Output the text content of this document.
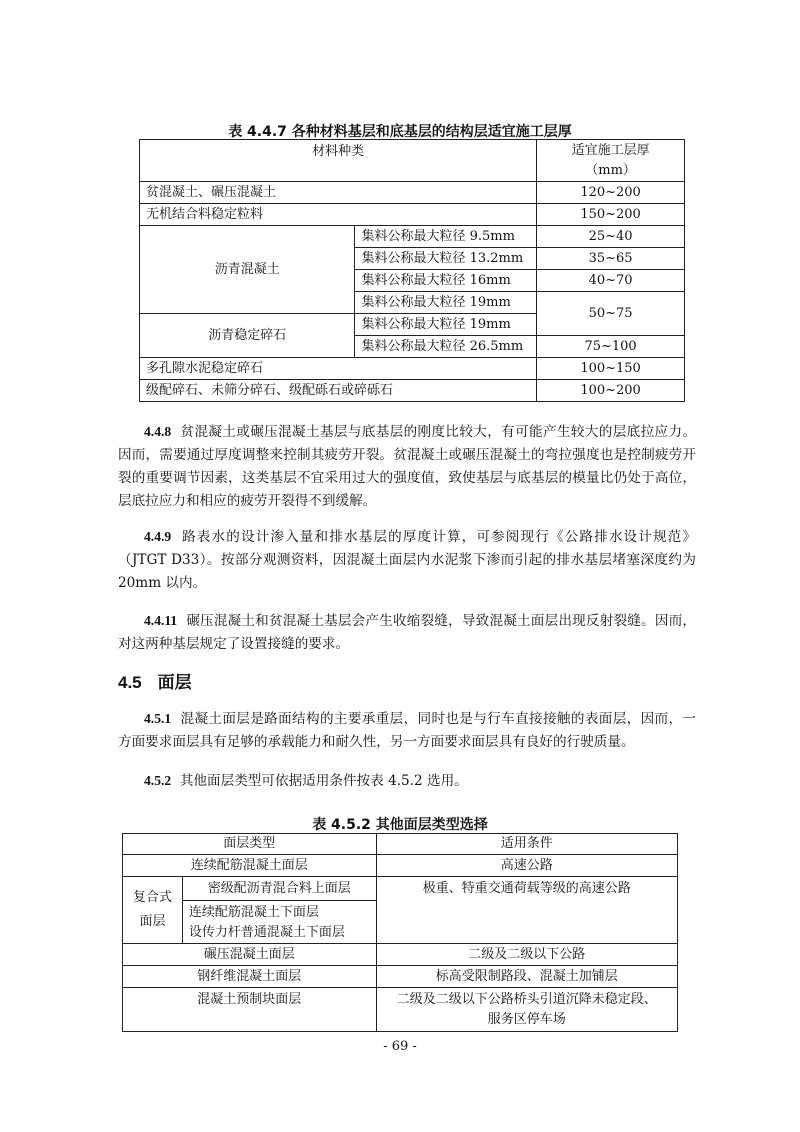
表 4.4.7 各种材料基层和底基层的结构层适宜施工层厚
材料种类		适宜施工层厚
（mm）

贫混凝土、碾压混凝土		120~200
无机结合料稳定粒料		150~200
沥青混凝土	集料公称最大粒径 9.5mm	25~40
	集料公称最大粒径 13.2mm	35~65
	集料公称最大粒径 16mm	40~70
	集料公称最大粒径 19mm	50~75
沥青稳定碎石	集料公称最大粒径 19mm	
	集料公称最大粒径 26.5mm	75~100
多孔隙水泥稳定碎石		100~150
级配碎石、未筛分碎石、级配砾石或碎砾石		100~200
4.4.8 贫混凝土或碾压混凝土基层与底基层的刚度比较大，有可能产生较大的层底拉应力。因而，需要通过厚度调整来控制其疲劳开裂。贫混凝土或碾压混凝土的弯拉强度也是控制疲劳开裂的重要调节因素，这类基层不宜采用过大的强度值，致使基层与底基层的模量比仍处于高位，层底拉应力和相应的疲劳开裂得不到缓解。
4.4.9 路表水的设计渗入量和排水基层的厚度计算，可参阅现行《公路排水设计规范》（JTGT D33）。按部分观测资料，因混凝土面层内水泥浆下渗而引起的排水基层堵塞深度约为 20mm 以内。
4.4.11 碾压混凝土和贫混凝土基层会产生收缩裂缝，导致混凝土面层出现反射裂缝。因而，对这两种基层规定了设置接缝的要求。
4.5 面层
4.5.1 混凝土面层是路面结构的主要承重层，同时也是与行车直接接触的表面层，因而，一方面要求面层具有足够的承载能力和耐久性，另一方面要求面层具有良好的行驶质量。
4.5.2 其他面层类型可依据适用条件按表 4.5.2 选用。
表 4.5.2 其他面层类型选择
面层类型		适用条件
连续配筋混凝土面层		高速公路

复合式
面层	密级配沥青混合料上面层	极重、特重交通荷载等级的高速公路

	连续配筋混凝土下面层
设传力杆普通混凝土下面层	

碾压混凝土面层		二级及二级以下公路
钢纤维混凝土面层		标高受限制路段、混凝土加铺层
混凝土预制块面层		二级及二级以下公路桥头引道沉降未稳定段、
服务区停车场
- 69 -
